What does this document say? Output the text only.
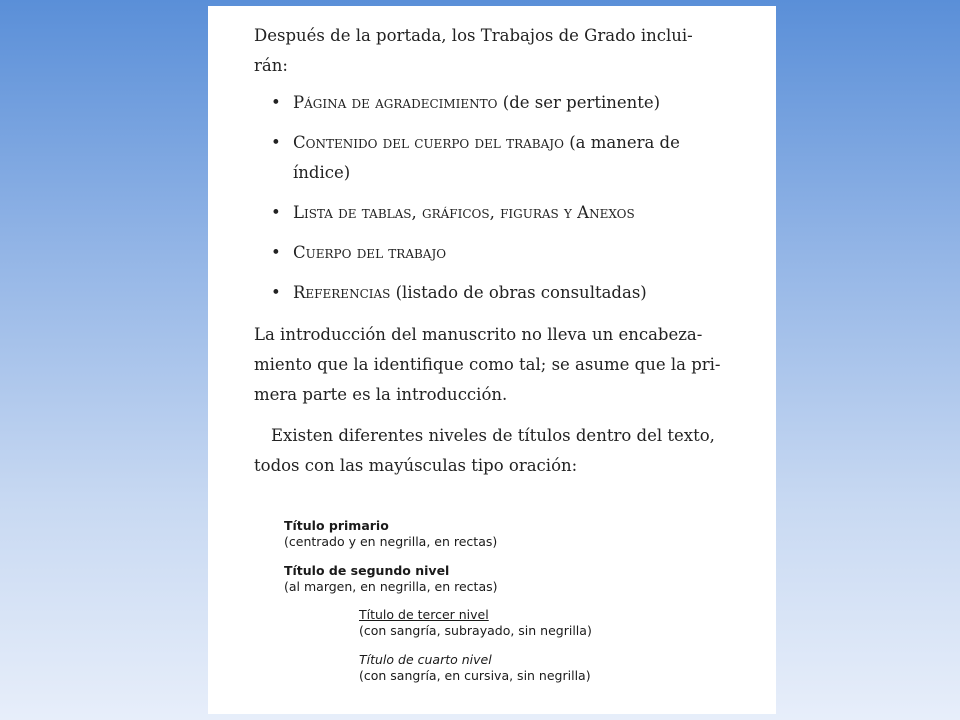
Después de la portada, los Trabajos de Grado inclui-
rán:
• Página de agradecimiento (de ser pertinente)
• Contenido del cuerpo del trabajo (a manera de
índice)
• Lista de tablas, gráficos, figuras y Anexos
• Cuerpo del trabajo
• Referencias (listado de obras consultadas)
La introducción del manuscrito no lleva un encabeza-
miento que la identifique como tal; se asume que la pri-
mera parte es la introducción.
Existen diferentes niveles de títulos dentro del texto,
todos con las mayúsculas tipo oración:
Título primario
(centrado y en negrilla, en rectas)
Título de segundo nivel
(al margen, en negrilla, en rectas)
Título de tercer nivel
(con sangría, subrayado, sin negrilla)
Título de cuarto nivel
(con sangría, en cursiva, sin negrilla)
